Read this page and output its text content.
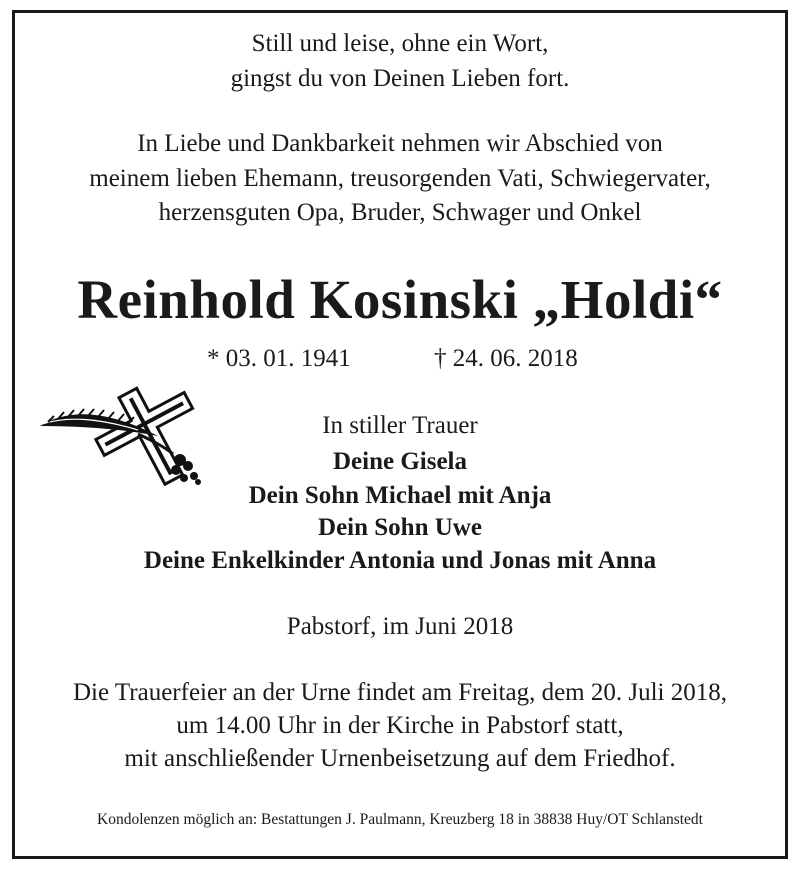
Still und leise, ohne ein Wort,
gingst du von Deinen Lieben fort.
In Liebe und Dankbarkeit nehmen wir Abschied von
meinem lieben Ehemann, treusorgenden Vati, Schwiegervater,
herzensguten Opa, Bruder, Schwager und Onkel
Reinhold Kosinski „Holdi“
* 03. 01. 1941	† 24. 06. 2018
In stiller Trauer
Deine Gisela
Dein Sohn Michael mit Anja
Dein Sohn Uwe
Deine Enkelkinder Antonia und Jonas mit Anna
Pabstorf, im Juni 2018
Die Trauerfeier an der Urne findet am Freitag, dem 20. Juli 2018,
um 14.00 Uhr in der Kirche in Pabstorf statt,
mit anschließender Urnenbeisetzung auf dem Friedhof.
Kondolenzen möglich an: Bestattungen J. Paulmann, Kreuzberg 18 in 38838 Huy/OT Schlanstedt
